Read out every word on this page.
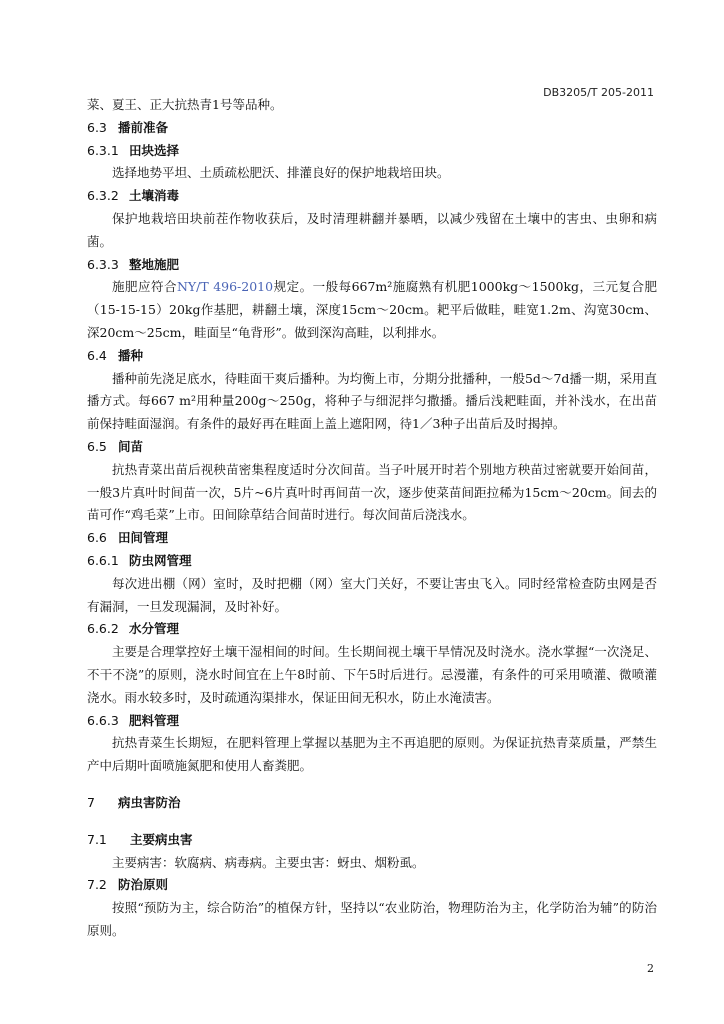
DB3205/T 205-2011
菜、夏王、正大抗热青1号等品种。
6.3 播前准备
6.3.1 田块选择
选择地势平坦、土质疏松肥沃、排灌良好的保护地栽培田块。
6.3.2 土壤消毒
保护地栽培田块前茬作物收获后，及时清理耕翻并暴晒，以减少残留在土壤中的害虫、虫卵和病菌。
6.3.3 整地施肥
施肥应符合NY/T 496-2010规定。一般每667m²施腐熟有机肥1000kg～1500kg，三元复合肥（15-15-15）20kg作基肥，耕翻土壤，深度15cm～20cm。耙平后做畦，畦宽1.2m、沟宽30cm、深20cm～25cm，畦面呈“龟背形”。做到深沟高畦，以利排水。
6.4 播种
播种前先浇足底水，待畦面干爽后播种。为均衡上市，分期分批播种，一般5d～7d播一期，采用直播方式。每667 m²用种量200g～250g，将种子与细泥拌匀撒播。播后浅耙畦面，并补浅水，在出苗前保持畦面湿润。有条件的最好再在畦面上盖上遮阳网，待1／3种子出苗后及时揭掉。
6.5 间苗
抗热青菜出苗后视秧苗密集程度适时分次间苗。当子叶展开时若个别地方秧苗过密就要开始间苗，一般3片真叶时间苗一次，5片~6片真叶时再间苗一次，逐步使菜苗间距拉稀为15cm～20cm。间去的苗可作“鸡毛菜”上市。田间除草结合间苗时进行。每次间苗后浇浅水。
6.6 田间管理
6.6.1 防虫网管理
每次进出棚（网）室时，及时把棚（网）室大门关好，不要让害虫飞入。同时经常检查防虫网是否有漏洞，一旦发现漏洞，及时补好。
6.6.2 水分管理
主要是合理掌控好土壤干湿相间的时间。生长期间视土壤干旱情况及时浇水。浇水掌握“一次浇足、不干不浇”的原则，浇水时间宜在上午8时前、下午5时后进行。忌漫灌，有条件的可采用喷灌、微喷灌浇水。雨水较多时，及时疏通沟渠排水，保证田间无积水，防止水淹渍害。
6.6.3 肥料管理
抗热青菜生长期短，在肥料管理上掌握以基肥为主不再追肥的原则。为保证抗热青菜质量，严禁生产中后期叶面喷施氮肥和使用人畜粪肥。
7 病虫害防治
7.1 主要病虫害
主要病害：软腐病、病毒病。主要虫害：蚜虫、烟粉虱。
7.2 防治原则
按照“预防为主，综合防治”的植保方针，坚持以“农业防治，物理防治为主，化学防治为辅”的防治原则。
2
